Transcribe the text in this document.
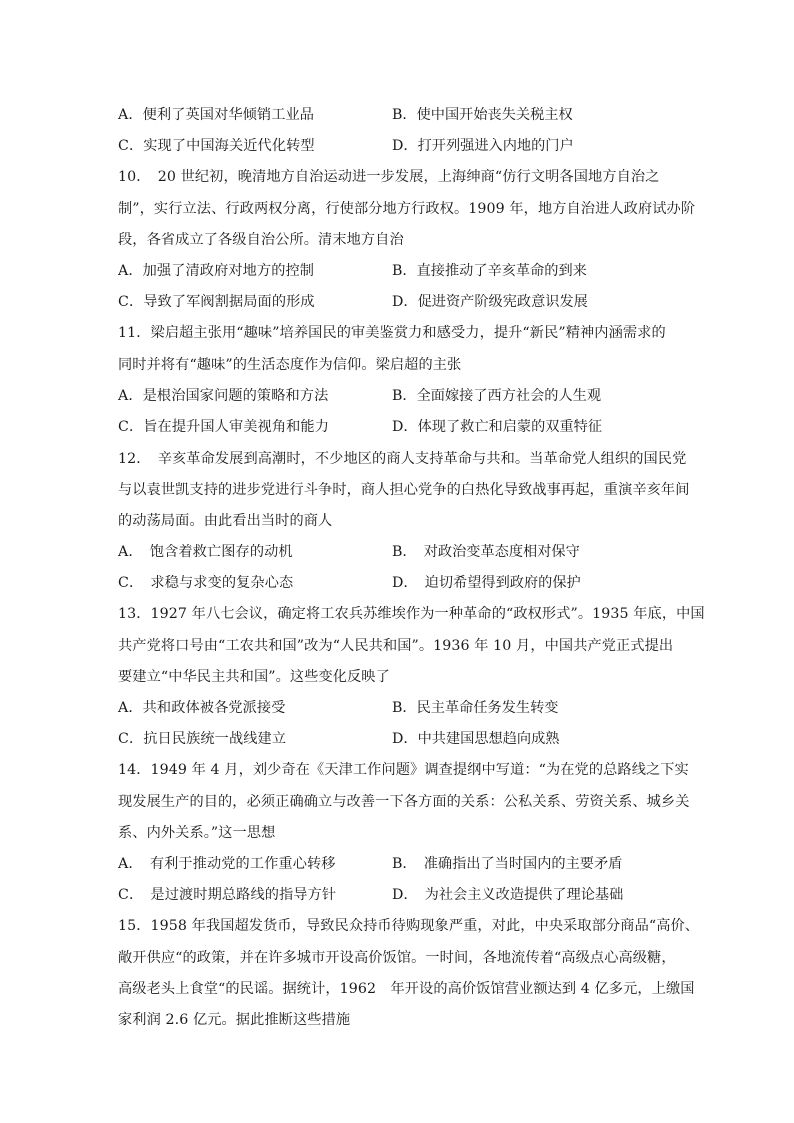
A．便利了英国对华倾销工业品	B．使中国开始丧失关税主权
C．实现了中国海关近代化转型	D．打开列强进入内地的门户
10．　20 世纪初，晚清地方自治运动进一步发展，上海绅商“仿行文明各国地方自治之
制”，实行立法、行政两权分离，行使部分地方行政权。1909 年，地方自治进人政府试办阶
段，各省成立了各级自治公所。清末地方自治
A．加强了清政府对地方的控制	B．直接推动了辛亥革命的到来
C．导致了军阀割据局面的形成	D．促进资产阶级宪政意识发展
11．梁启超主张用“趣味”培养国民的审美鉴赏力和感受力，提升“新民”精神内涵需求的
同时并将有“趣味”的生活态度作为信仰。梁启超的主张
A．是根治国家问题的策略和方法	B．全面嫁接了西方社会的人生观
C．旨在提升国人审美视角和能力	D．体现了救亡和启蒙的双重特征
12．　辛亥革命发展到高潮时，不少地区的商人支持革命与共和。当革命党人组织的国民党
与以袁世凯支持的进步党进行斗争时，商人担心党争的白热化导致战事再起，重演辛亥年间
的动荡局面。由此看出当时的商人
A．　饱含着救亡图存的动机	B．　对政治变革态度相对保守
C．　求稳与求变的复杂心态	D．　迫切希望得到政府的保护
13．1927 年八七会议，确定将工农兵苏维埃作为一种革命的“政权形式”。1935 年底，中国
共产党将口号由“工农共和国”改为“人民共和国”。1936 年 10 月，中国共产党正式提出
要建立“中华民主共和国”。这些变化反映了
A．共和政体被各党派接受	B．民主革命任务发生转变
C．抗日民族统一战线建立	D．中共建国思想趋向成熟
14．1949 年 4 月，刘少奇在《天津工作问题》调查提纲中写道：“为在党的总路线之下实
现发展生产的目的，必须正确确立与改善一下各方面的关系：公私关系、劳资关系、城乡关
系、内外关系。”这一思想
A．　有利于推动党的工作重心转移	B．　准确指出了当时国内的主要矛盾
C．　是过渡时期总路线的指导方针	D．　为社会主义改造提供了理论基础
15．1958 年我国超发货币，导致民众持币待购现象严重，对此，中央采取部分商品“高价、
敞开供应“的政策，并在许多城市开设高价饭馆。一时间，各地流传着“高级点心高级糖，
高级老头上食堂“的民谣。据统计，1962　年开设的高价饭馆营业额达到 4 亿多元，上缴国
家利润 2.6 亿元。据此推断这些措施
